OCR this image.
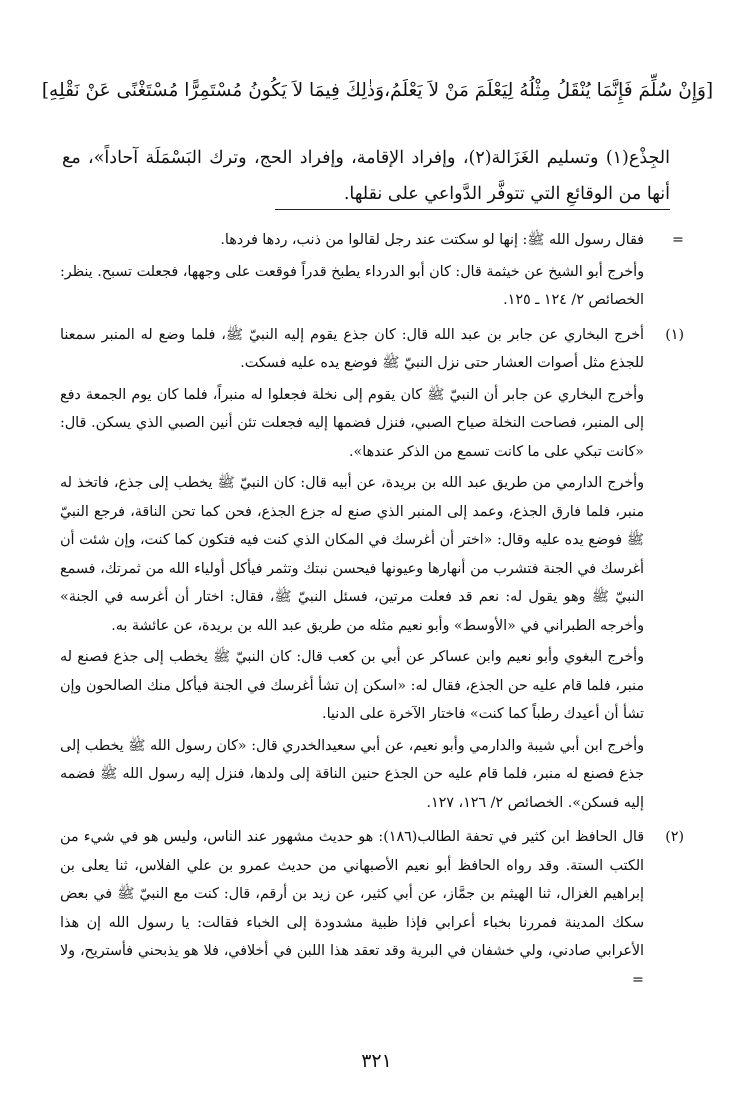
[وَإِنْ سُلِّمَ فَإِنَّمَا يُنْقَلُ مِثْلُهُ لِيَعْلَمَ مَنْ لاَ يَعْلَمُ،وَذٰلِكَ فِيمَا لاَ يَكُونُ مُسْتَمِرًّا مُسْتَغْنًى عَنْ نَقْلِهِ]
الجِذْع(١) وتسليم الغَزَالة(٢)، وإفراد الإقامة، وإفراد الحج، وترك البَسْمَلَة آحاداً»، مع أنها من الوقائعِ التي تتوفَّر الدَّواعي على نقلها.
=

فقال رسول الله ﷺ: إنها لو سكتت عند رجل لقالوا من ذنب، ردها فردها.

وأخرج أبو الشيخ عن خيثمة قال: كان أبو الدرداء يطبخ قدراً فوقعت على وجهها، فجعلت تسبح. ينظر: الخصائص ٢/ ١٢٤ ـ ١٢٥.

(١)

أخرج البخاري عن جابر بن عبد الله قال: كان جذع يقوم إليه النبيّ ﷺ، فلما وضع له المنبر سمعنا للجذع مثل أصوات العشار حتى نزل النبيّ ﷺ فوضع يده عليه فسكت.

وأخرج البخاري عن جابر أن النبيّ ﷺ كان يقوم إلى نخلة فجعلوا له منبراً، فلما كان يوم الجمعة دفع إلى المنبر، فصاحت النخلة صياح الصبي، فنزل فضمها إليه فجعلت تئن أنين الصبي الذي يسكن. قال: «كانت تبكي على ما كانت تسمع من الذكر عندها».

وأخرج الدارمي من طريق عبد الله بن بريدة، عن أبيه قال: كان النبيّ ﷺ يخطب إلى جذع، فاتخذ له منبر، فلما فارق الجذع، وعمد إلى المنبر الذي صنع له جزع الجذع، فحن كما تحن الناقة، فرجع النبيّ ﷺ فوضع يده عليه وقال: «اختر أن أغرسك في المكان الذي كنت فيه فتكون كما كنت، وإن شئت أن أغرسك في الجنة فتشرب من أنهارها وعيونها فيحسن نبتك وتثمر فيأكل أولياء الله من ثمرتك، فسمع النبيّ ﷺ وهو يقول له: نعم قد فعلت مرتين، فسئل النبيّ ﷺ، فقال: اختار أن أغرسه في الجنة» وأخرجه الطبراني في «الأوسط» وأبو نعيم مثله من طريق عبد الله بن بريدة، عن عائشة به.

وأخرج البغوي وأبو نعيم وابن عساكر عن أبي بن كعب قال: كان النبيّ ﷺ يخطب إلى جذع فصنع له منبر، فلما قام عليه حن الجذع، فقال له: «اسكن إن تشأ أغرسك في الجنة فيأكل منك الصالحون وإن تشأ أن أعيدك رطباً كما كنت» فاختار الآخرة على الدنيا.

وأخرج ابن أبي شيبة والدارمي وأبو نعيم، عن أبي سعيدالخدري قال: «كان رسول الله ﷺ يخطب إلى جذع فصنع له منبر، فلما قام عليه حن الجذع حنين الناقة إلى ولدها، فنزل إليه رسول الله ﷺ فضمه إليه فسكن». الخصائص ٢/ ١٢٦، ١٢٧.

(٢)

قال الحافظ ابن كثير في تحفة الطالب(١٨٦): هو حديث مشهور عند الناس، وليس هو في شيء من الكتب الستة. وقد رواه الحافظ أبو نعيم الأصبهاني من حديث عمرو بن علي الفلاس، ثنا يعلى بن إبراهيم الغزال، ثنا الهيثم بن جمَّاز، عن أبي كثير، عن زيد بن أرقم، قال: كنت مع النبيّ ﷺ في بعض سكك المدينة فمررنا بخباء أعرابي فإذا ظبية مشدودة إلى الخباء فقالت: يا رسول الله إن هذا الأعرابي صادني، ولي خشفان في البرية وقد تعقد هذا اللبن في أخلافي، فلا هو يذبحني فأستريح، ولا =

٣٢١
